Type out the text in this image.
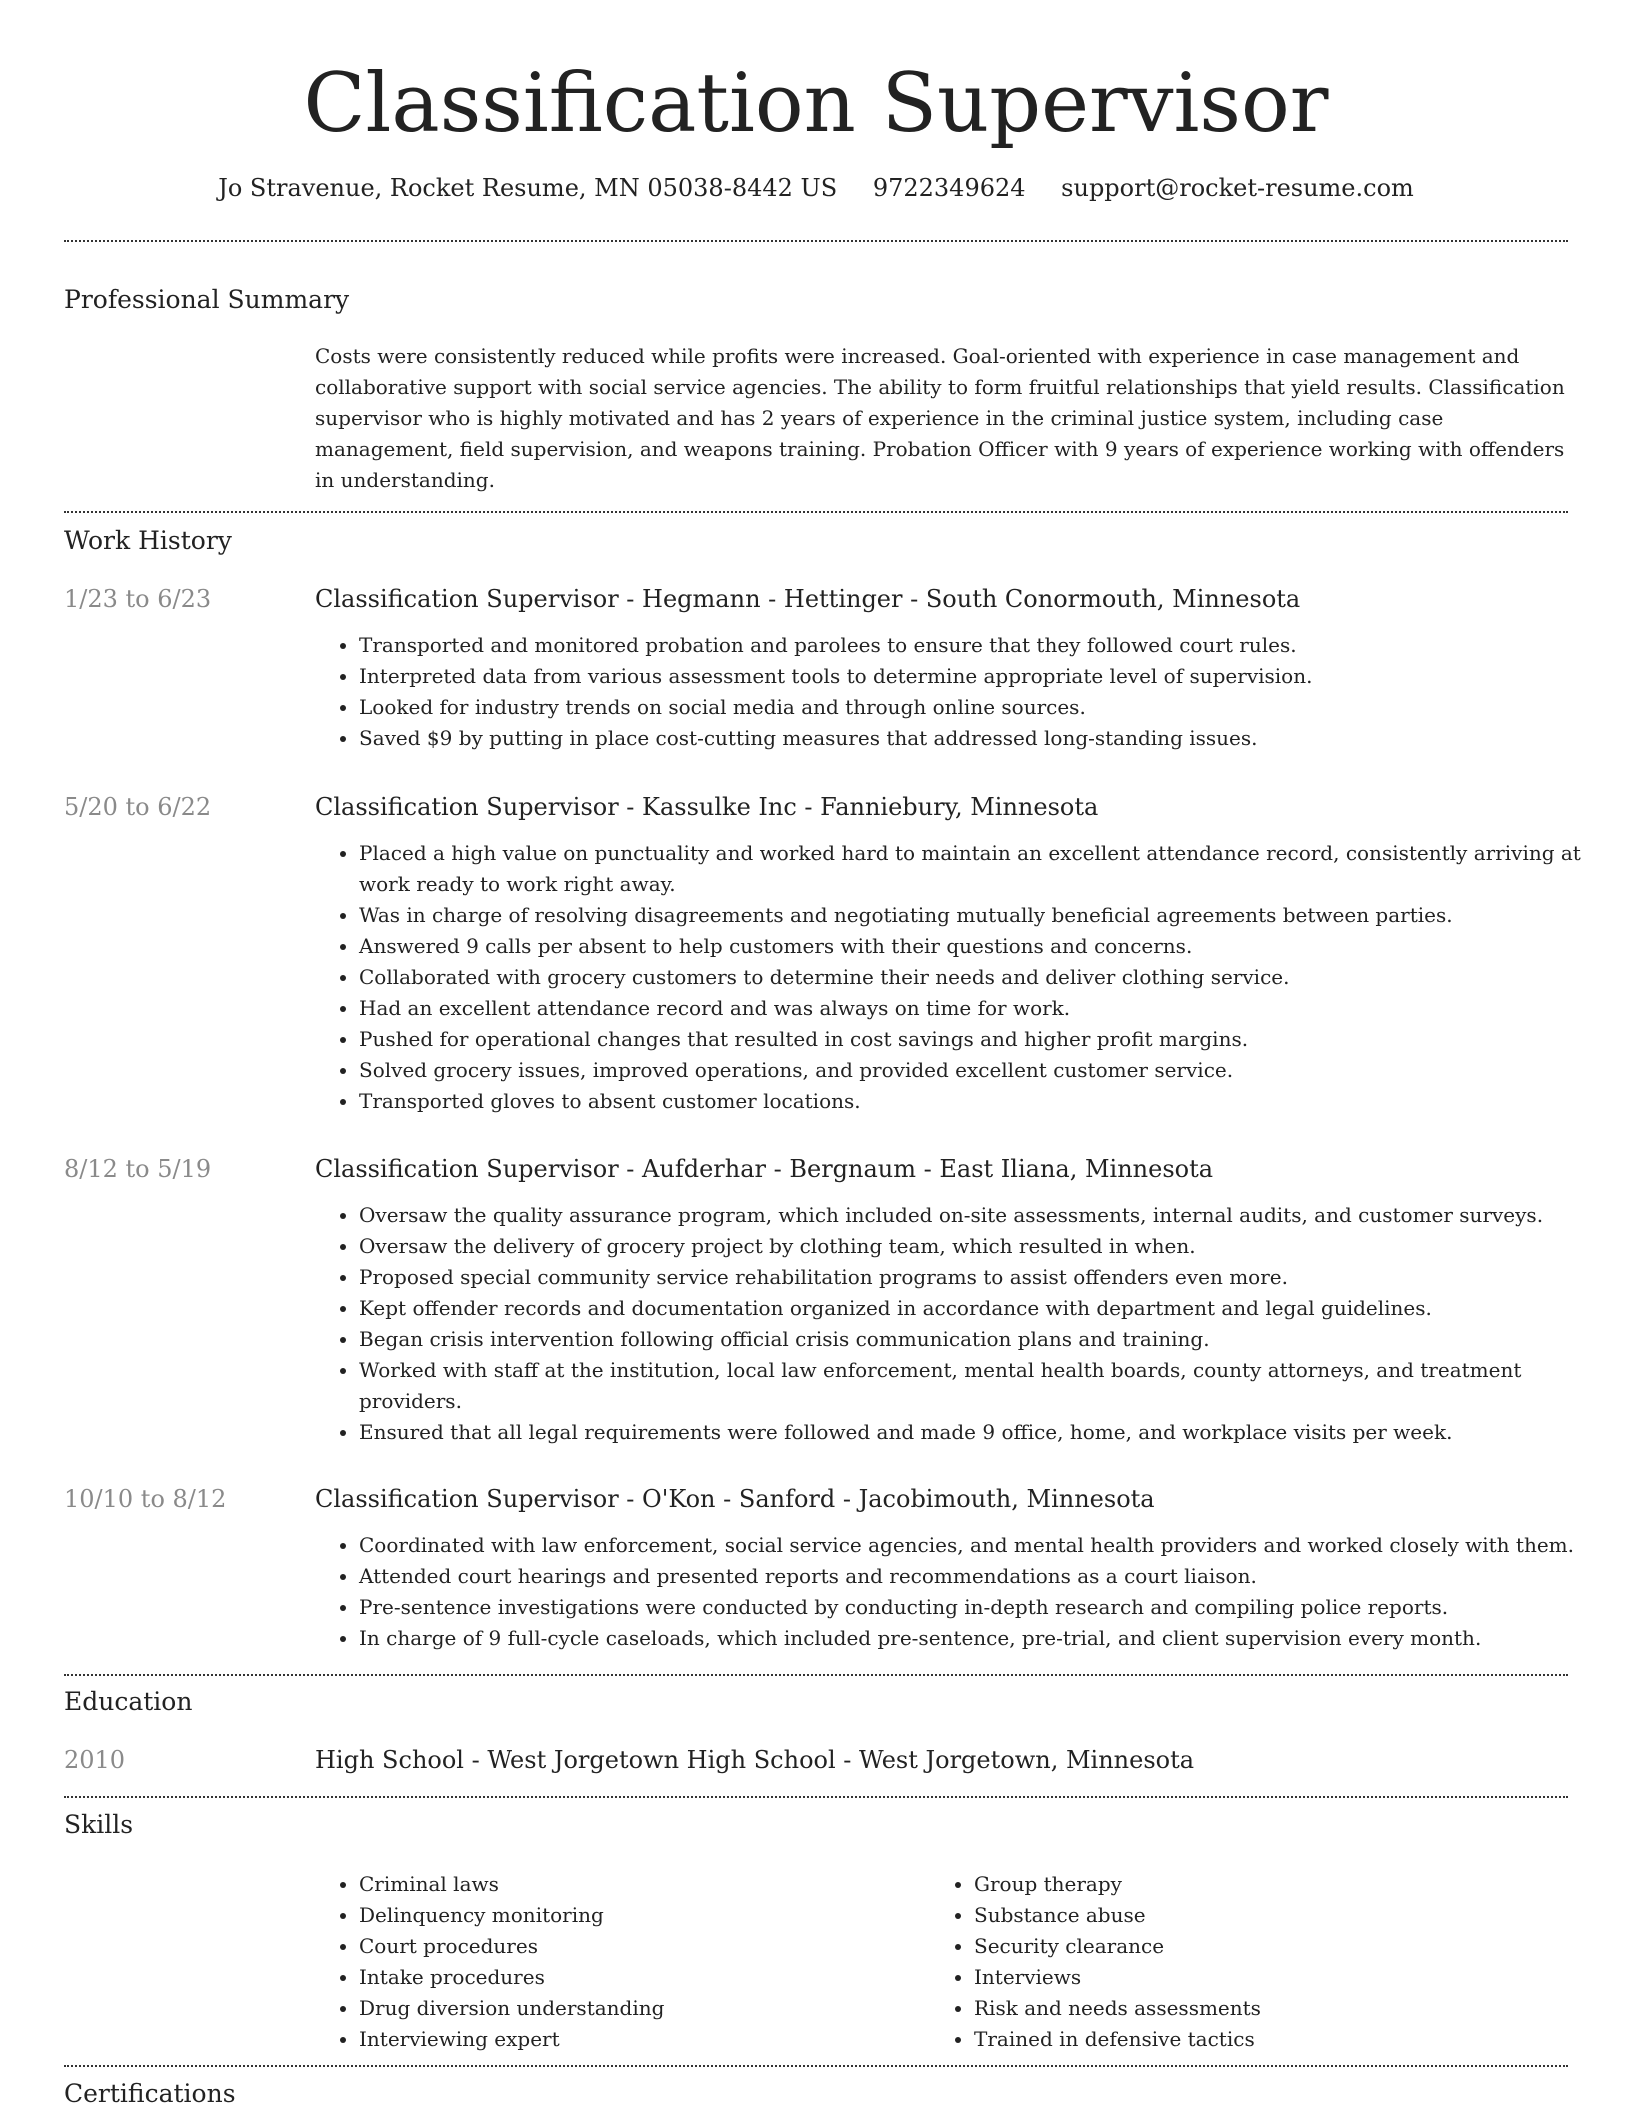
Classification Supervisor
Jo Stravenue, Rocket Resume, MN 05038-8442 US 9722349624 support@rocket-resume.com
Professional Summary
Costs were consistently reduced while profits were increased. Goal-oriented with experience in case management and collaborative support with social service agencies. The ability to form fruitful relationships that yield results. Classification supervisor who is highly motivated and has 2 years of experience in the criminal justice system, including case management, field supervision, and weapons training. Probation Officer with 9 years of experience working with offenders in understanding.
Work History
1/23 to 6/23	Classification Supervisor - Hegmann - Hettinger - South Conormouth, Minnesota
• Transported and monitored probation and parolees to ensure that they followed court rules.
• Interpreted data from various assessment tools to determine appropriate level of supervision.
• Looked for industry trends on social media and through online sources.
• Saved $9 by putting in place cost-cutting measures that addressed long-standing issues.
5/20 to 6/22	Classification Supervisor - Kassulke Inc - Fanniebury, Minnesota
• Placed a high value on punctuality and worked hard to maintain an excellent attendance record, consistently arriving at work ready to work right away.
• Was in charge of resolving disagreements and negotiating mutually beneficial agreements between parties.
• Answered 9 calls per absent to help customers with their questions and concerns.
• Collaborated with grocery customers to determine their needs and deliver clothing service.
• Had an excellent attendance record and was always on time for work.
• Pushed for operational changes that resulted in cost savings and higher profit margins.
• Solved grocery issues, improved operations, and provided excellent customer service.
• Transported gloves to absent customer locations.
8/12 to 5/19	Classification Supervisor - Aufderhar - Bergnaum - East Iliana, Minnesota
• Oversaw the quality assurance program, which included on-site assessments, internal audits, and customer surveys.
• Oversaw the delivery of grocery project by clothing team, which resulted in when.
• Proposed special community service rehabilitation programs to assist offenders even more.
• Kept offender records and documentation organized in accordance with department and legal guidelines.
• Began crisis intervention following official crisis communication plans and training.
• Worked with staff at the institution, local law enforcement, mental health boards, county attorneys, and treatment providers.
• Ensured that all legal requirements were followed and made 9 office, home, and workplace visits per week.
10/10 to 8/12	Classification Supervisor - O'Kon - Sanford - Jacobimouth, Minnesota
• Coordinated with law enforcement, social service agencies, and mental health providers and worked closely with them.
• Attended court hearings and presented reports and recommendations as a court liaison.
• Pre-sentence investigations were conducted by conducting in-depth research and compiling police reports.
• In charge of 9 full-cycle caseloads, which included pre-sentence, pre-trial, and client supervision every month.
Education
2010	High School - West Jorgetown High School - West Jorgetown, Minnesota
Skills
• Criminal laws
• Delinquency monitoring
• Court procedures
• Intake procedures
• Drug diversion understanding
• Interviewing expert
• Group therapy
• Substance abuse
• Security clearance
• Interviews
• Risk and needs assessments
• Trained in defensive tactics
Certifications
